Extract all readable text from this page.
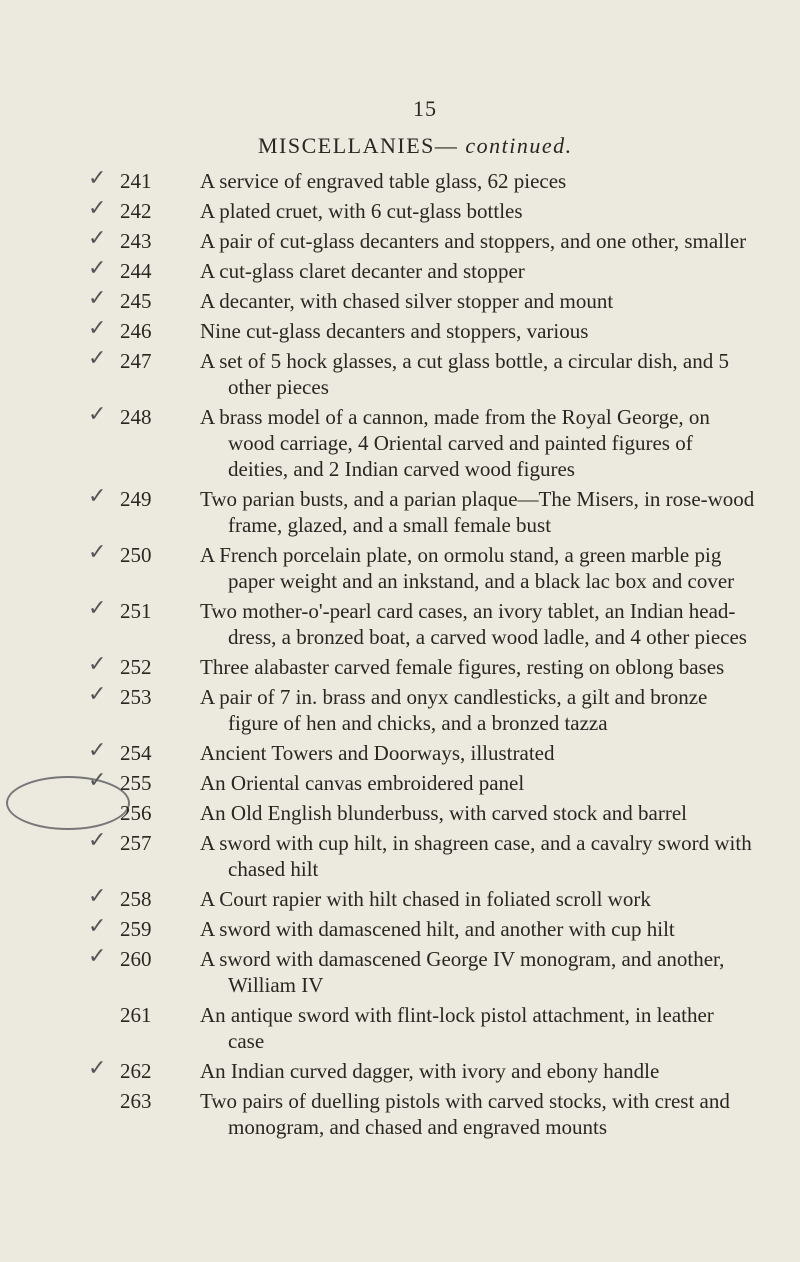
15
MISCELLANIES— continued.
✓ 241	A service of engraved table glass, 62 pieces
✓ 242	A plated cruet, with 6 cut-glass bottles
✓ 243	A pair of cut-glass decanters and stoppers, and one other, smaller
✓ 244	A cut-glass claret decanter and stopper
✓ 245	A decanter, with chased silver stopper and mount
✓ 246	Nine cut-glass decanters and stoppers, various
✓ 247	A set of 5 hock glasses, a cut glass bottle, a circular dish, and 5 other pieces
✓ 248	A brass model of a cannon, made from the Royal George, on wood carriage, 4 Oriental carved and painted figures of deities, and 2 Indian carved wood figures
✓ 249	Two parian busts, and a parian plaque—The Misers, in rose-wood frame, glazed, and a small female bust
✓ 250	A French porcelain plate, on ormolu stand, a green marble pig paper weight and an inkstand, and a black lac box and cover
✓ 251	Two mother-o'-pearl card cases, an ivory tablet, an Indian head-dress, a bronzed boat, a carved wood ladle, and 4 other pieces
✓ 252	Three alabaster carved female figures, resting on oblong bases
✓ 253	A pair of 7 in. brass and onyx candlesticks, a gilt and bronze figure of hen and chicks, and a bronzed tazza
✓ 254	Ancient Towers and Doorways, illustrated
✓ 255	An Oriental canvas embroidered panel
256	An Old English blunderbuss, with carved stock and barrel
✓ 257	A sword with cup hilt, in shagreen case, and a cavalry sword with chased hilt
✓ 258	A Court rapier with hilt chased in foliated scroll work
✓ 259	A sword with damascened hilt, and another with cup hilt
✓ 260	A sword with damascened George IV monogram, and another, William IV
261	An antique sword with flint-lock pistol attachment, in leather case
✓ 262	An Indian curved dagger, with ivory and ebony handle
263	Two pairs of duelling pistols with carved stocks, with crest and monogram, and chased and engraved mounts
